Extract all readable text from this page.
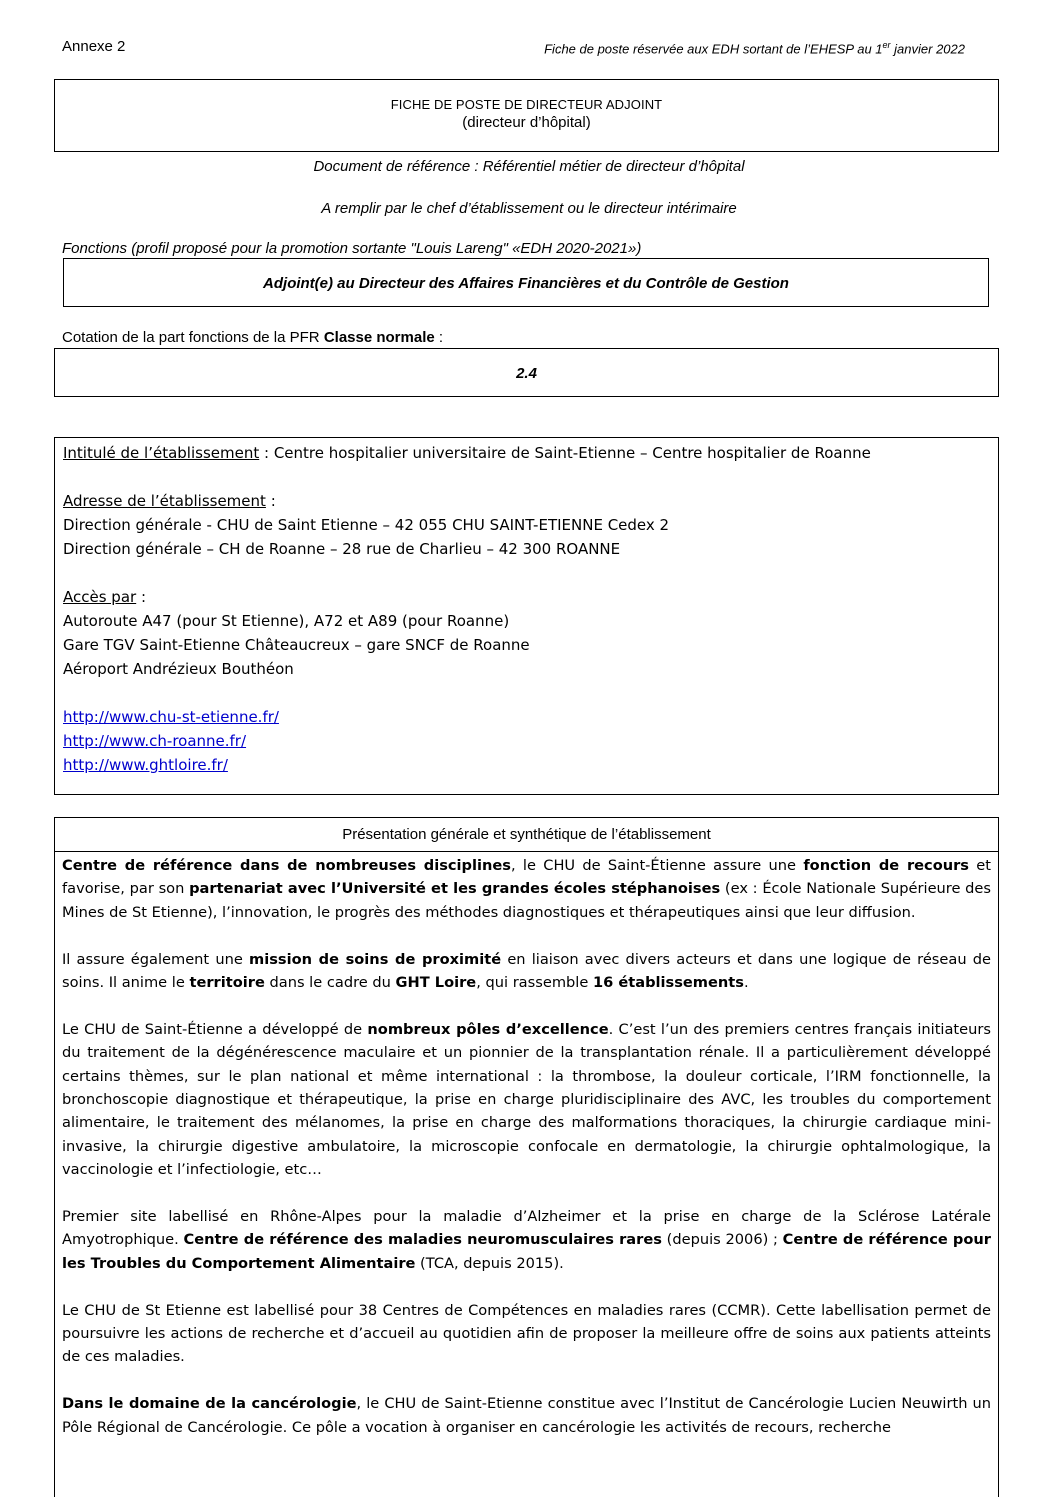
Annexe 2	Fiche de poste réservée aux EDH sortant de l’EHESP au 1er janvier 2022
FICHE DE POSTE DE DIRECTEUR ADJOINT
(directeur d’hôpital)
Document de référence : Référentiel métier de directeur d’hôpital
A remplir par le chef d’établissement ou le directeur intérimaire
Fonctions (profil proposé pour la promotion sortante "Louis Lareng" «EDH 2020-2021»)
Adjoint(e) au Directeur des Affaires Financières et du Contrôle de Gestion
Cotation de la part fonctions de la PFR Classe normale :
2.4
Intitulé de l’établissement : Centre hospitalier universitaire de Saint-Etienne – Centre hospitalier de Roanne
Adresse de l’établissement :
Direction générale - CHU de Saint Etienne – 42 055 CHU SAINT-ETIENNE Cedex 2
Direction générale – CH de Roanne – 28 rue de Charlieu – 42 300 ROANNE
Accès par :
Autoroute A47 (pour St Etienne), A72 et A89 (pour Roanne)
Gare TGV Saint-Etienne Châteaucreux – gare SNCF de Roanne
Aéroport Andrézieux Bouthéon
http://www.chu-st-etienne.fr/
http://www.ch-roanne.fr/
http://www.ghtloire.fr/
Présentation générale et synthétique de l’établissement

Centre de référence dans de nombreuses disciplines, le CHU de Saint-Étienne assure une fonction de recours et favorise, par son partenariat avec l’Université et les grandes écoles stéphanoises (ex : École Nationale Supérieure des Mines de St Etienne), l’innovation, le progrès des méthodes diagnostiques et thérapeutiques ainsi que leur diffusion.

Il assure également une mission de soins de proximité en liaison avec divers acteurs et dans une logique de réseau de soins. Il anime le territoire dans le cadre du GHT Loire, qui rassemble 16 établissements.

Le CHU de Saint-Étienne a développé de nombreux pôles d’excellence. C’est l’un des premiers centres français initiateurs du traitement de la dégénérescence maculaire et un pionnier de la transplantation rénale. Il a particulièrement développé certains thèmes, sur le plan national et même international : la thrombose, la douleur corticale, l’IRM fonctionnelle, la bronchoscopie diagnostique et thérapeutique, la prise en charge pluridisciplinaire des AVC, les troubles du comportement alimentaire, le traitement des mélanomes, la prise en charge des malformations thoraciques, la chirurgie cardiaque mini-invasive, la chirurgie digestive ambulatoire, la microscopie confocale en dermatologie, la chirurgie ophtalmologique, la vaccinologie et l’infectiologie, etc…

Premier site labellisé en Rhône-Alpes pour la maladie d’Alzheimer et la prise en charge de la Sclérose Latérale Amyotrophique. Centre de référence des maladies neuromusculaires rares (depuis 2006) ; Centre de référence pour les Troubles du Comportement Alimentaire (TCA, depuis 2015).

Le CHU de St Etienne est labellisé pour 38 Centres de Compétences en maladies rares (CCMR). Cette labellisation permet de poursuivre les actions de recherche et d’accueil au quotidien afin de proposer la meilleure offre de soins aux patients atteints de ces maladies.

Dans le domaine de la cancérologie, le CHU de Saint-Etienne constitue avec l’Institut de Cancérologie Lucien Neuwirth un Pôle Régional de Cancérologie. Ce pôle a vocation à organiser en cancérologie les activités de recours, recherche
